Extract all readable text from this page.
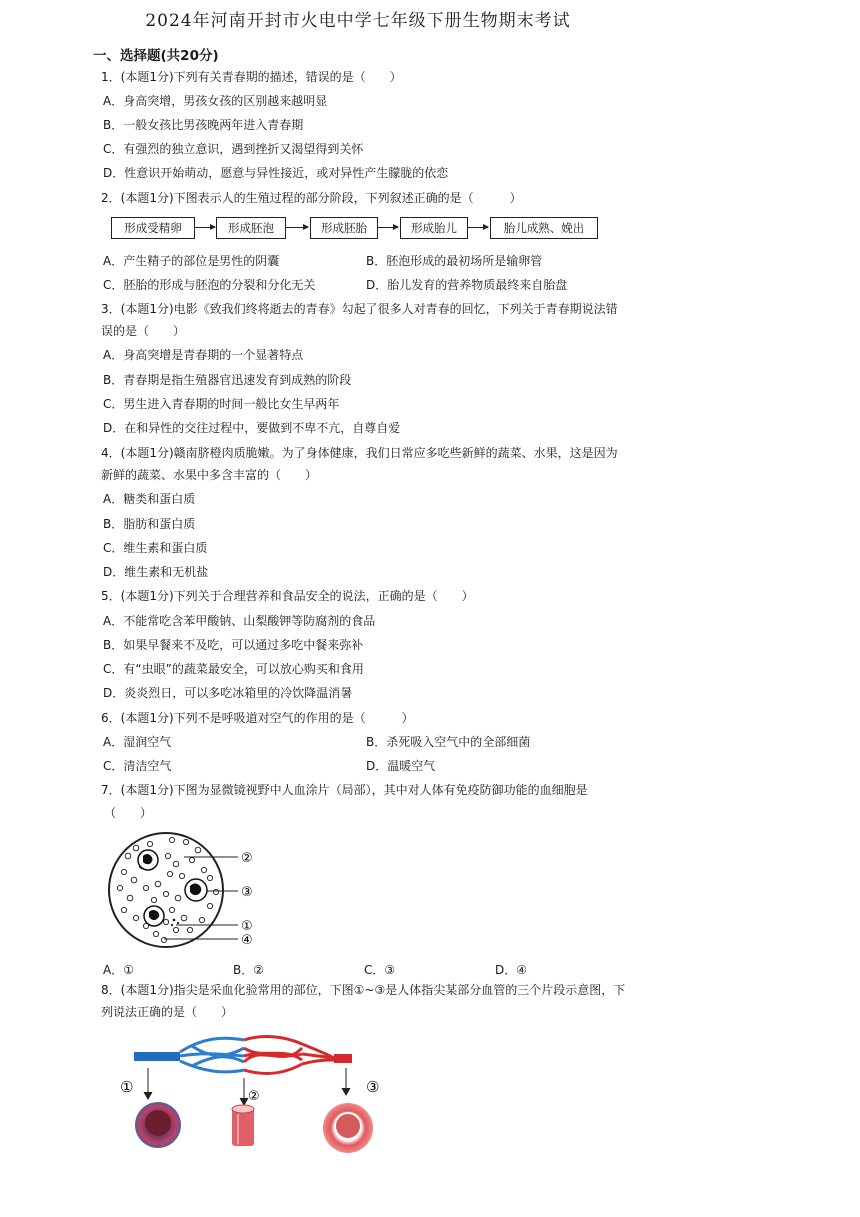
2024年河南开封市火电中学七年级下册生物期末考试
一、选择题(共20分)
1．(本题1分)下列有关青春期的描述，错误的是（　　）
A．身高突增，男孩女孩的区别越来越明显
B．一般女孩比男孩晚两年进入青春期
C．有强烈的独立意识，遇到挫折又渴望得到关怀
D．性意识开始萌动，愿意与异性接近，或对异性产生朦胧的依恋
2．(本题1分)下图表示人的生殖过程的部分阶段，下列叙述正确的是（　　　）
形成受精卵	形成胚泡	形成胚胎	形成胎儿	胎儿成熟、娩出
A．产生精子的部位是男性的阴囊	B．胚泡形成的最初场所是输卵管
C．胚胎的形成与胚泡的分裂和分化无关	D．胎儿发育的营养物质最终来自胎盘
3．(本题1分)电影《致我们终将逝去的青春》勾起了很多人对青春的回忆，下列关于青春期说法错
误的是（　　）
A．身高突增是青春期的一个显著特点
B．青春期是指生殖器官迅速发育到成熟的阶段
C．男生进入青春期的时间一般比女生早两年
D．在和异性的交往过程中，要做到不卑不亢，自尊自爱
4．(本题1分)赣南脐橙肉质脆嫩。为了身体健康，我们日常应多吃些新鲜的蔬菜、水果，这是因为
新鲜的蔬菜、水果中多含丰富的（　　）
A．糖类和蛋白质
B．脂肪和蛋白质
C．维生素和蛋白质
D．维生素和无机盐
5．(本题1分)下列关于合理营养和食品安全的说法，正确的是（　　）
A．不能常吃含苯甲酸钠、山梨酸钾等防腐剂的食品
B．如果早餐来不及吃，可以通过多吃中餐来弥补
C．有“虫眼”的蔬菜最安全，可以放心购买和食用
D．炎炎烈日，可以多吃冰箱里的冷饮降温消暑
6．(本题1分)下列不是呼吸道对空气的作用的是（　　　）
A．湿润空气	B．杀死吸入空气中的全部细菌
C．清洁空气	D．温暖空气
7．(本题1分)下图为显微镜视野中人血涂片（局部），其中对人体有免疫防御功能的血细胞是
（　　）
②
③
①
④
A．①	B．②	C．③	D．④
8．(本题1分)指尖是采血化验常用的部位，下图①~③是人体指尖某部分血管的三个片段示意图，下
列说法正确的是（　　）
①
②
③
